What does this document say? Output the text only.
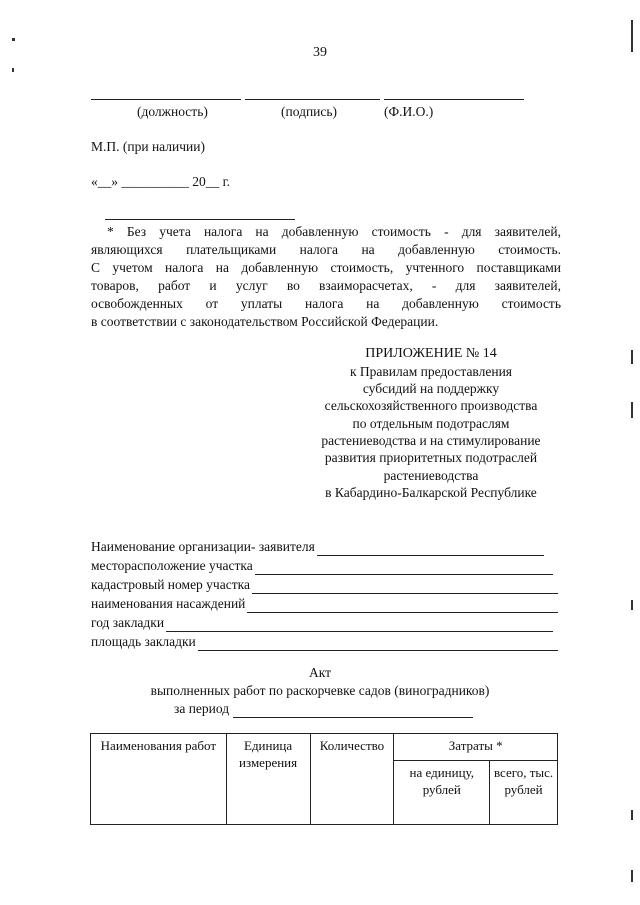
39
(должность)	(подпись)	(Ф.И.О.)
М.П. (при наличии)
«__» __________ 20__ г.

* Без учета налога на добавленную стоимость - для заявителей,

являющихся плательщиками налога на добавленную стоимость.

С учетом налога на добавленную стоимость, учтенного поставщиками

товаров, работ и услуг во взаиморасчетах, - для заявителей,

освобожденных от уплаты налога на добавленную стоимость

в соответствии с законодательством Российской Федерации.

ПРИЛОЖЕНИЕ № 14
к Правилам предоставления
субсидий на поддержку
сельскохозяйственного производства
по отдельным подотраслям
растениеводства и на стимулирование
развития приоритетных подотраслей
растениеводства
в Кабардино-Балкарской Республике
Наименование организации- заявителя
месторасположение участка
кадастровый номер участка
наименования насаждений
год закладки
площадь закладки
Акт
выполненных работ по раскорчевке садов (виноградников)
за период
Наименования работ	Единица измерения	Количество	Затраты *	
			на единицу, рублей	всего, тыс. рублей
